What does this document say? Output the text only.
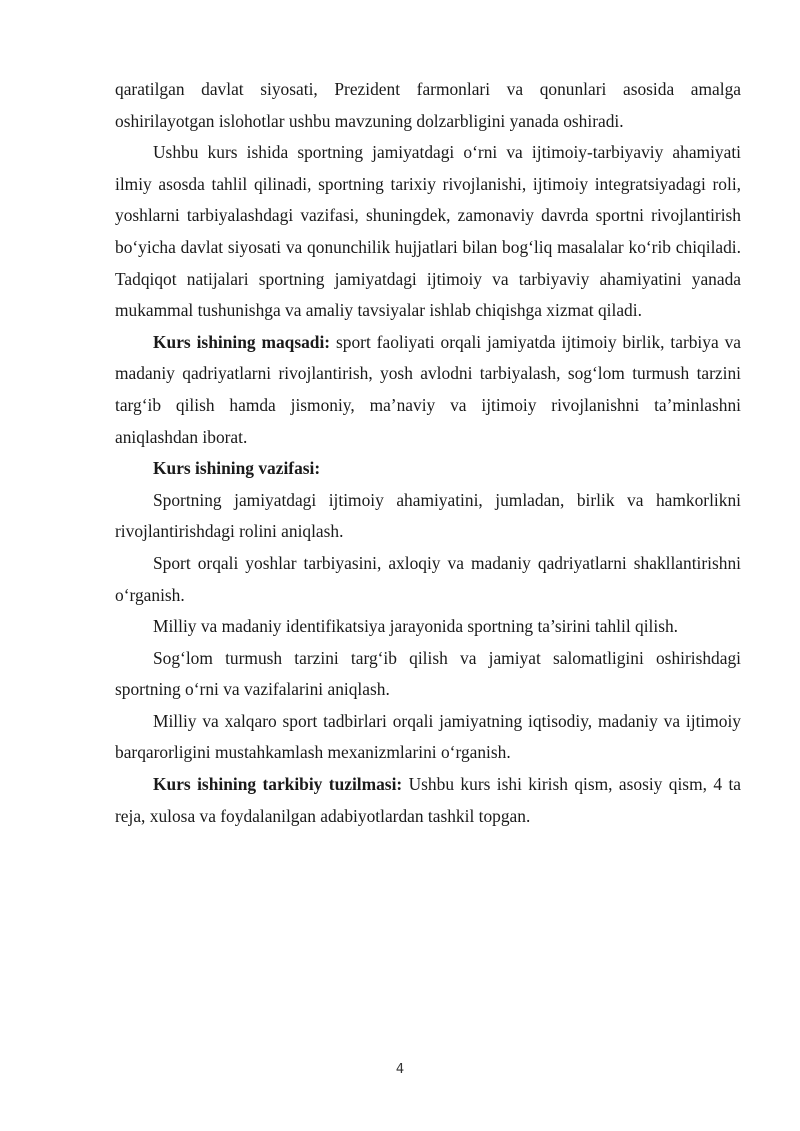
qaratilgan davlat siyosati, Prezident farmonlari va qonunlari asosida amalga oshirilayotgan islohotlar ushbu mavzuning dolzarbligini yanada oshiradi.

Ushbu kurs ishida sportning jamiyatdagi o‘rni va ijtimoiy-tarbiyaviy ahamiyati ilmiy asosda tahlil qilinadi, sportning tarixiy rivojlanishi, ijtimoiy integratsiyadagi roli, yoshlarni tarbiyalashdagi vazifasi, shuningdek, zamonaviy davrda sportni rivojlantirish bo‘yicha davlat siyosati va qonunchilik hujjatlari bilan bog‘liq masalalar ko‘rib chiqiladi. Tadqiqot natijalari sportning jamiyatdagi ijtimoiy va tarbiyaviy ahamiyatini yanada mukammal tushunishga va amaliy tavsiyalar ishlab chiqishga xizmat qiladi.

Kurs ishining maqsadi: sport faoliyati orqali jamiyatda ijtimoiy birlik, tarbiya va madaniy qadriyatlarni rivojlantirish, yosh avlodni tarbiyalash, sog‘lom turmush tarzini targ‘ib qilish hamda jismoniy, ma’naviy va ijtimoiy rivojlanishni ta’minlashni aniqlashdan iborat.

Kurs ishining vazifasi:

Sportning jamiyatdagi ijtimoiy ahamiyatini, jumladan, birlik va hamkorlikni rivojlantirishdagi rolini aniqlash.

Sport orqali yoshlar tarbiyasini, axloqiy va madaniy qadriyatlarni shakllantirishni o‘rganish.

Milliy va madaniy identifikatsiya jarayonida sportning ta’sirini tahlil qilish.

Sog‘lom turmush tarzini targ‘ib qilish va jamiyat salomatligini oshirishdagi sportning o‘rni va vazifalarini aniqlash.

Milliy va xalqaro sport tadbirlari orqali jamiyatning iqtisodiy, madaniy va ijtimoiy barqarorligini mustahkamlash mexanizmlarini o‘rganish.

Kurs ishining tarkibiy tuzilmasi: Ushbu kurs ishi kirish qism, asosiy qism, 4 ta reja, xulosa va foydalanilgan adabiyotlardan tashkil topgan.

4
